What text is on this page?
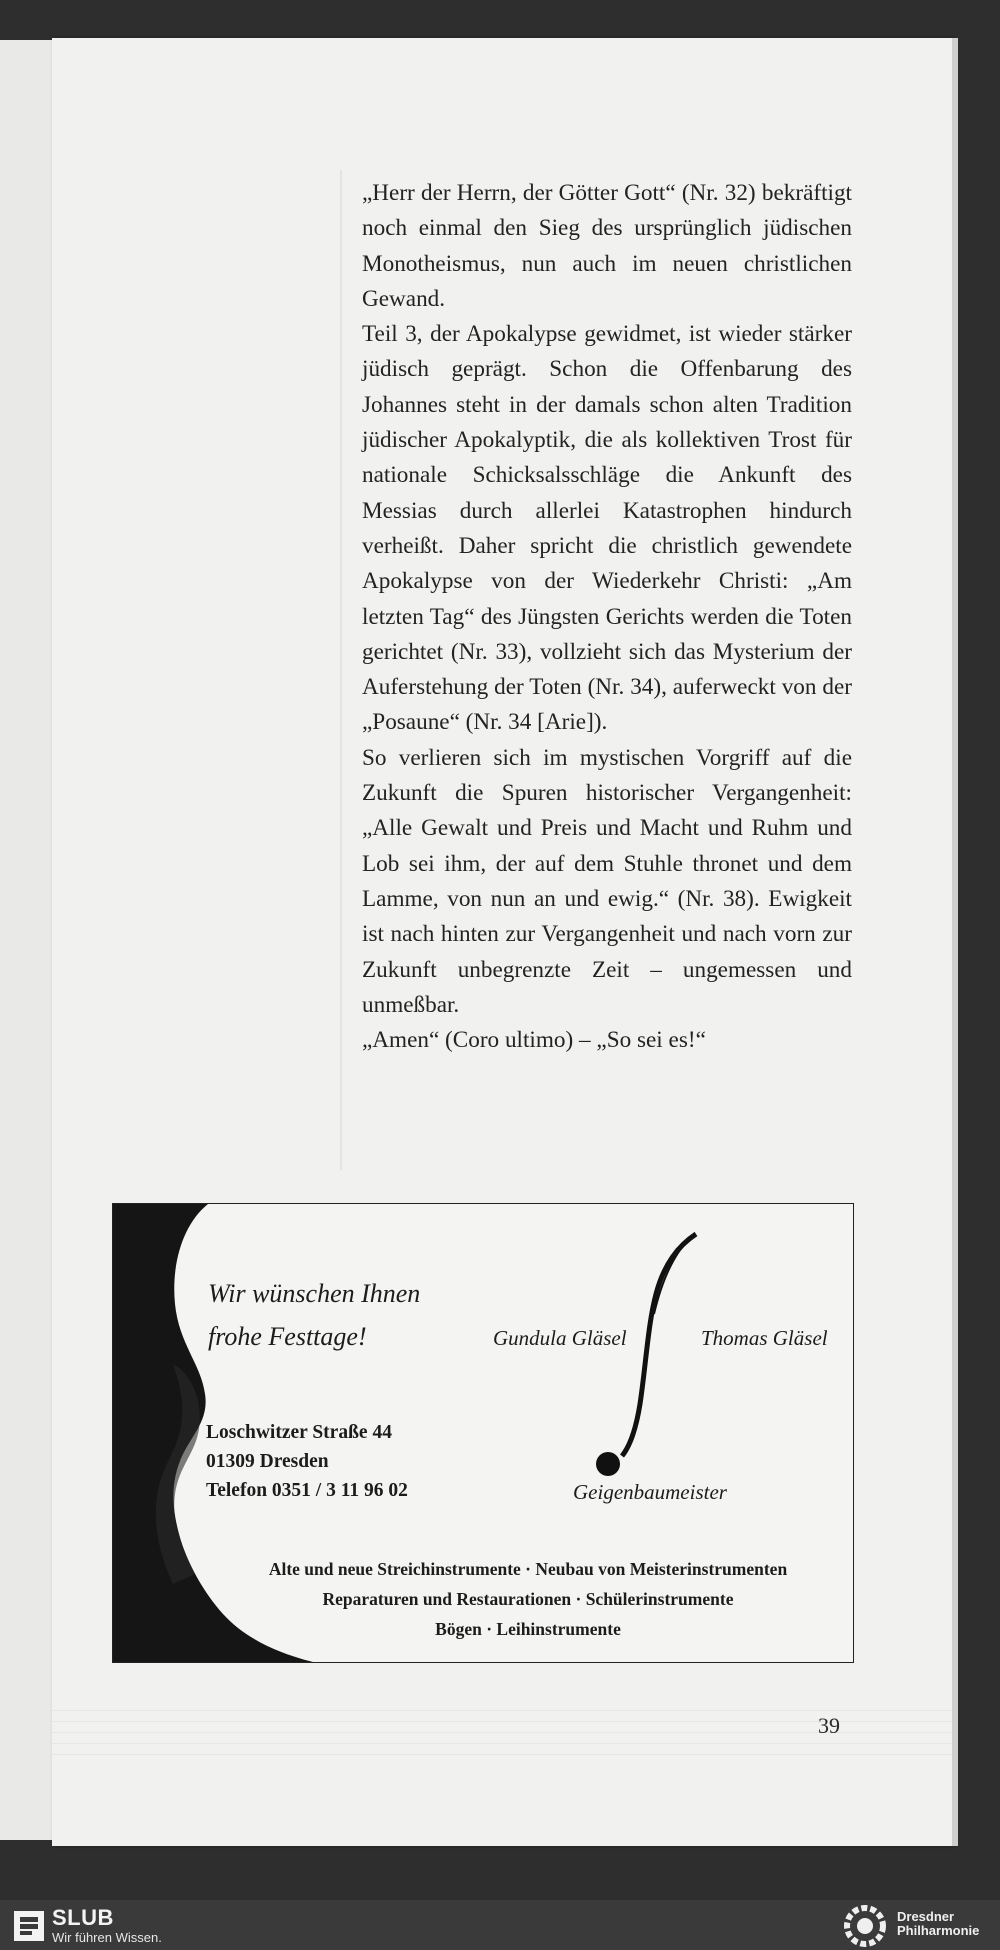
„Herr der Herrn, der Götter Gott“ (Nr. 32) bekräftigt noch einmal den Sieg des ursprünglich jüdischen Monotheismus, nun auch im neuen christlichen Gewand.

Teil 3, der Apokalypse gewidmet, ist wieder stärker jüdisch geprägt. Schon die Offenbarung des Johannes steht in der damals schon alten Tradition jüdischer Apokalyptik, die als kollektiven Trost für nationale Schicksalsschläge die Ankunft des Messias durch allerlei Katastrophen hindurch verheißt. Daher spricht die christlich gewendete Apokalypse von der Wiederkehr Christi: „Am letzten Tag“ des Jüngsten Gerichts werden die Toten gerichtet (Nr. 33), vollzieht sich das Mysterium der Auferstehung der Toten (Nr. 34), auferweckt von der „Posaune“ (Nr. 34 [Arie]).

So verlieren sich im mystischen Vorgriff auf die Zukunft die Spuren historischer Vergangenheit: „Alle Gewalt und Preis und Macht und Ruhm und Lob sei ihm, der auf dem Stuhle thronet und dem Lamme, von nun an und ewig.“ (Nr. 38). Ewigkeit ist nach hinten zur Vergangenheit und nach vorn zur Zukunft unbegrenzte Zeit – ungemessen und unmeßbar.

„Amen“ (Coro ultimo) – „So sei es!“

Wir wünschen Ihnen
frohe Festtage!	Gundula Gläsel	Thomas Gläsel
Loschwitzer Straße 44
01309 Dresden
Telefon 0351 / 3 11 96 02	Geigenbaumeister
Alte und neue Streichinstrumente · Neubau von Meisterinstrumenten
Reparaturen und Restaurationen · Schülerinstrumente
Bögen · Leihinstrumente
39
SLUB
Wir führen Wissen.
Dresdner
Philharmonie
